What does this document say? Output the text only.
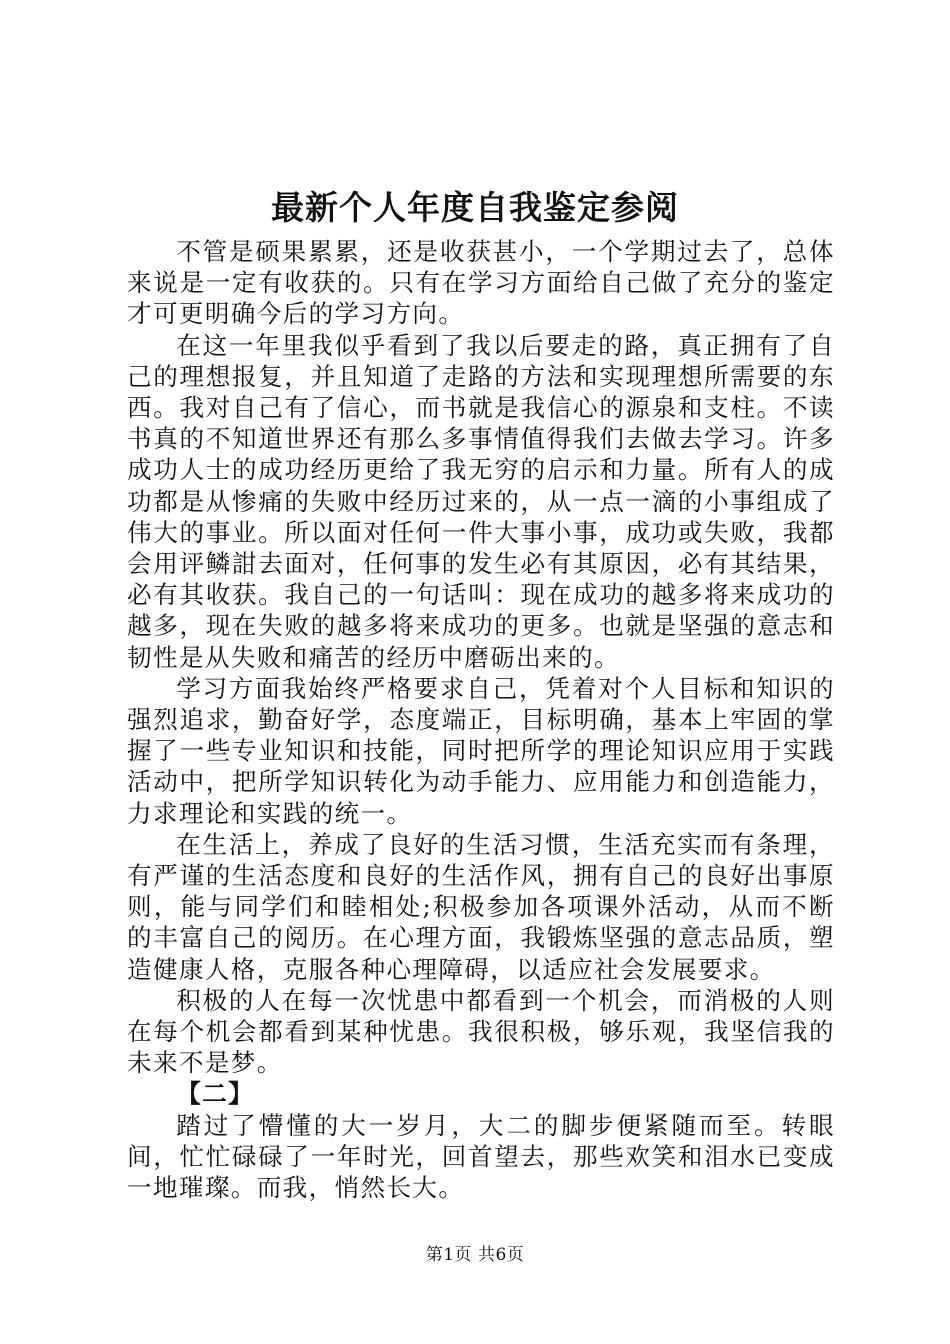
最新个人年度自我鉴定参阅

不管是硕果累累，还是收获甚小，一个学期过去了，总体来说是一定有收获的。只有在学习方面给自己做了充分的鉴定才可更明确今后的学习方向。

在这一年里我似乎看到了我以后要走的路，真正拥有了自己的理想报复，并且知道了走路的方法和实现理想所需要的东西。我对自己有了信心，而书就是我信心的源泉和支柱。不读书真的不知道世界还有那么多事情值得我们去做去学习。许多成功人士的成功经历更给了我无穷的启示和力量。所有人的成功都是从惨痛的失败中经历过来的，从一点一滴的小事组成了伟大的事业。所以面对任何一件大事小事，成功或失败，我都会用评鳞詌去面对，任何事的发生必有其原因，必有其结果，必有其收获。我自己的一句话叫：现在成功的越多将来成功的越多，现在失败的越多将来成功的更多。也就是坚强的意志和韧性是从失败和痛苦的经历中磨砺出来的。

学习方面我始终严格要求自己，凭着对个人目标和知识的强烈追求，勤奋好学，态度端正，目标明确，基本上牢固的掌握了一些专业知识和技能，同时把所学的理论知识应用于实践活动中，把所学知识转化为动手能力、应用能力和创造能力，力求理论和实践的统一。

在生活上，养成了良好的生活习惯，生活充实而有条理，有严谨的生活态度和良好的生活作风，拥有自己的良好出事原则，能与同学们和睦相处;积极参加各项课外活动，从而不断的丰富自己的阅历。在心理方面，我锻炼坚强的意志品质，塑造健康人格，克服各种心理障碍，以适应社会发展要求。

积极的人在每一次忧患中都看到一个机会，而消极的人则在每个机会都看到某种忧患。我很积极，够乐观，我坚信我的未来不是梦。

【二】

踏过了懵懂的大一岁月，大二的脚步便紧随而至。转眼间，忙忙碌碌了一年时光，回首望去，那些欢笑和泪水已变成一地璀璨。而我，悄然长大。

第1页 共6页
